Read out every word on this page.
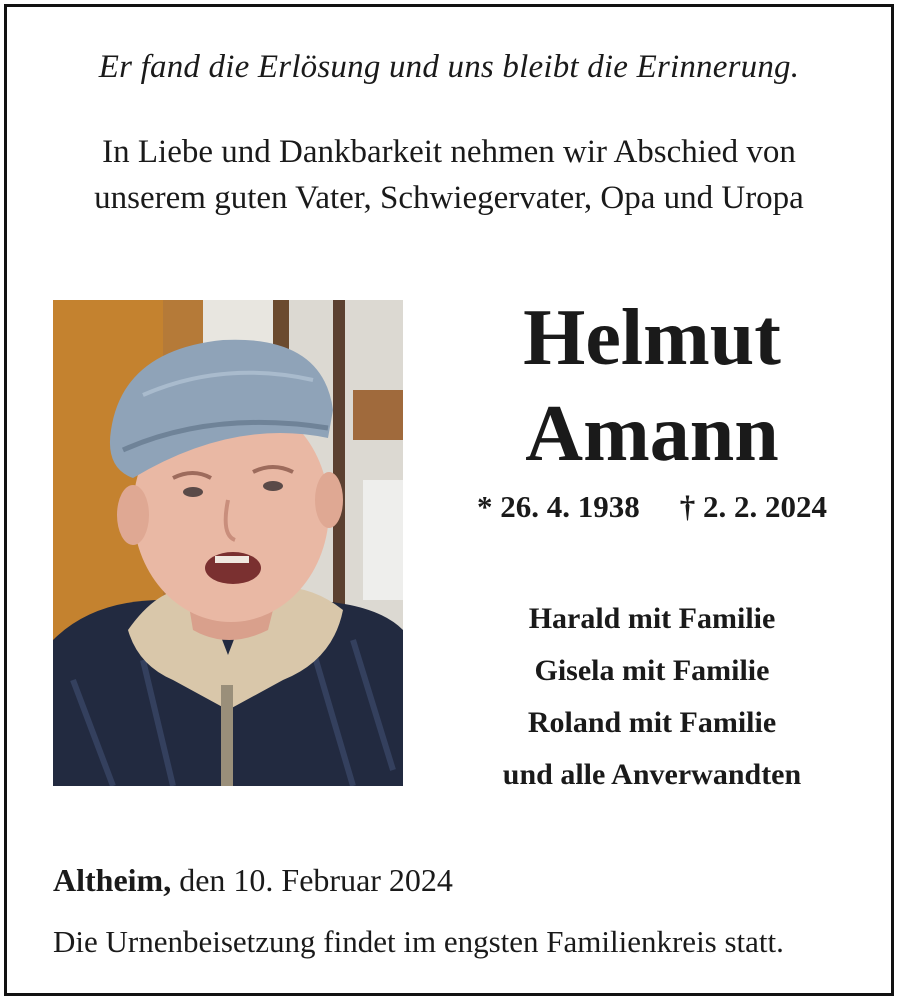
Er fand die Erlösung und uns bleibt die Erinnerung.
In Liebe und Dankbarkeit nehmen wir Abschied von
unserem guten Vater, Schwiegervater, Opa und Uropa
Helmut
Amann
* 26. 4. 1938 † 2. 2. 2024
Harald mit Familie
Gisela mit Familie
Roland mit Familie
und alle Anverwandten
Altheim, den 10. Februar 2024
Die Urnenbeisetzung findet im engsten Familienkreis statt.
